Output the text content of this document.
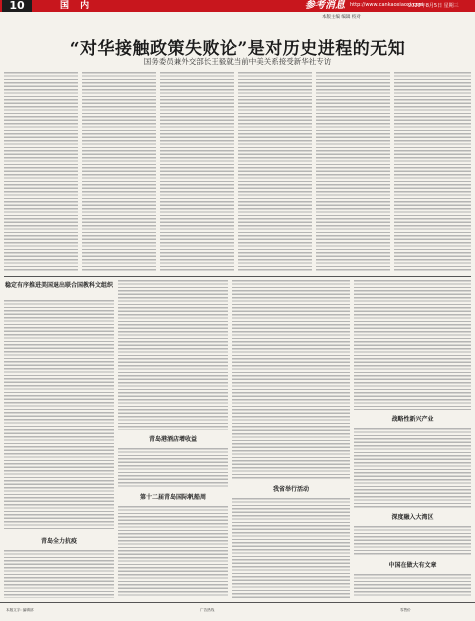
10	国 内	参考消息 http://www.cankaoxiaoxi.com
2020年8月5日 星期三
本版主编 编辑 校对
“对华接触政策失败论”是对历史进程的无知
国务委员兼外交部长王毅就当前中美关系接受新华社专访
稳定有序推进美国退出联合国教科文组织
青岛全力抗疫
青岛港酒店增收益
第十二届青岛国际帆船周
我省举行活动
战略性新兴产业
深度融入大湾区
中国在做大有文章
本版文字: 编辑部	广告热线	零售价
